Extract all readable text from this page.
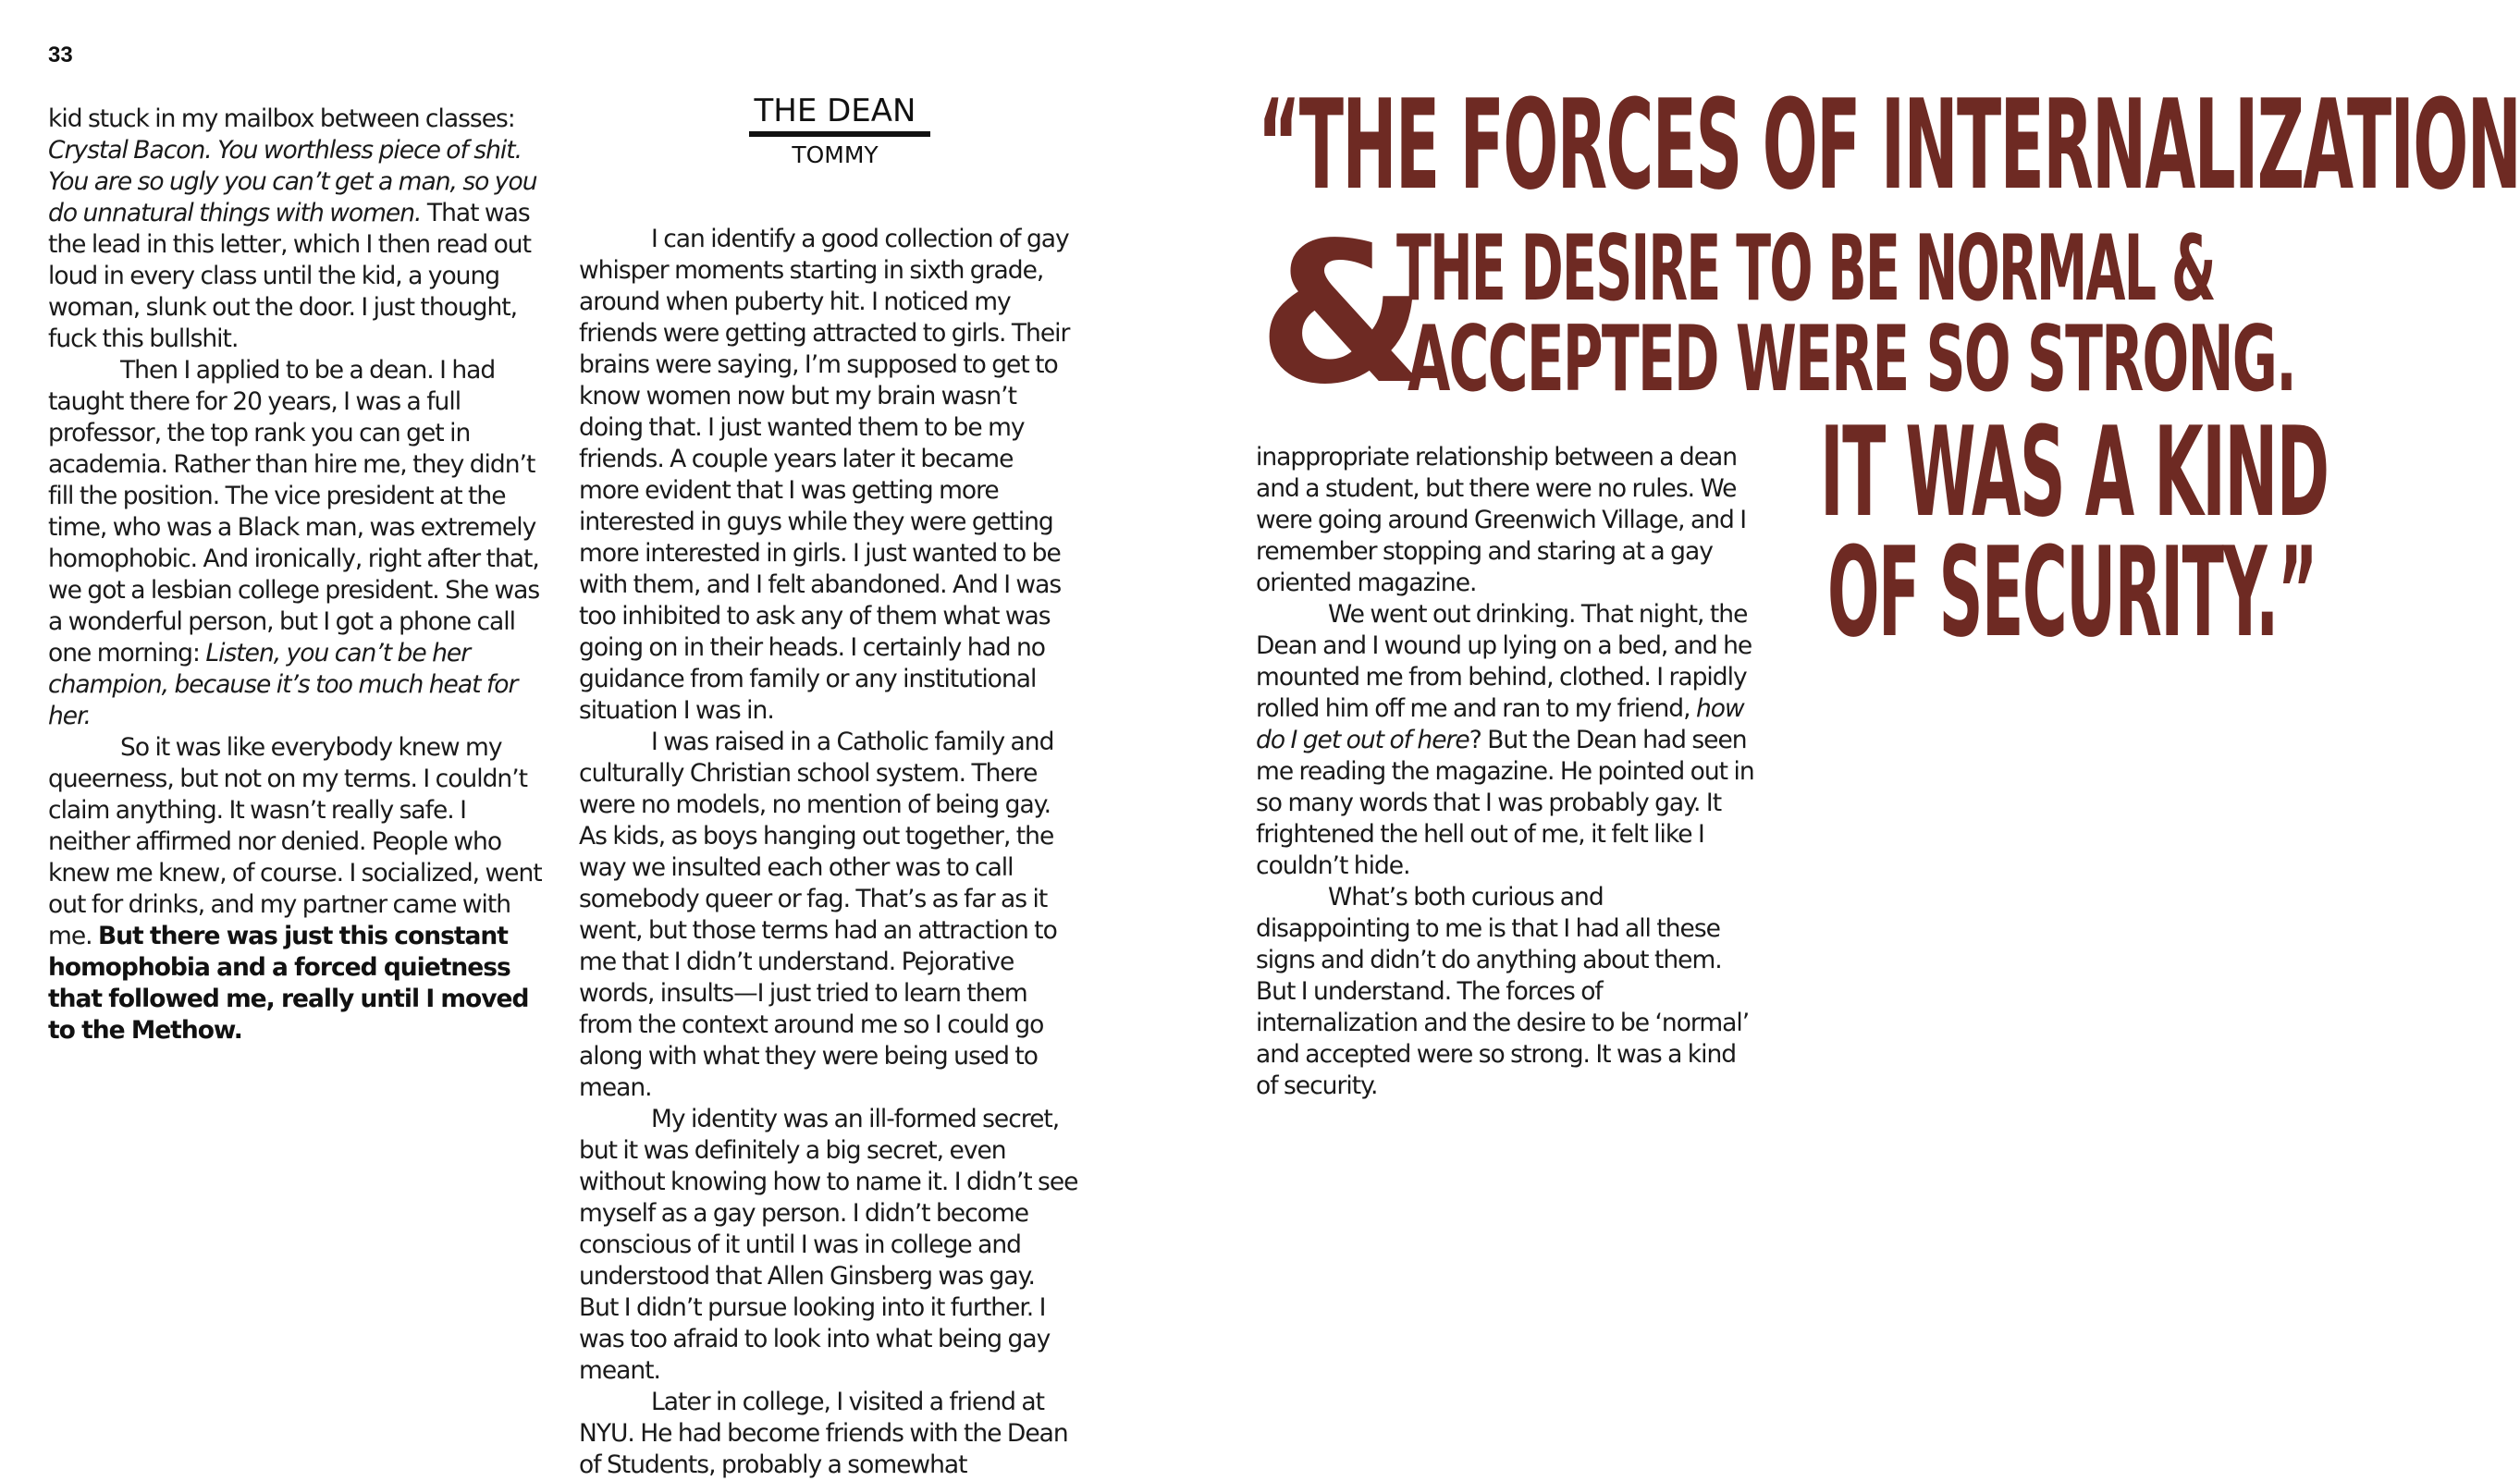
33
THE DEAN
TOMMY

kid stuck in my mailbox between classes: Crystal Bacon. You worthless piece of shit. You are so ugly you can’t get a man, so you do unnatural things with women. That was the lead in this letter, which I then read out loud in every class until the kid, a young woman, slunk out the door. I just thought, fuck this bullshit.

Then I applied to be a dean. I had taught there for 20 years, I was a full professor, the top rank you can get in academia. Rather than hire me, they didn’t fill the position. The vice president at the time, who was a Black man, was extremely homophobic. And ironically, right after that, we got a lesbian college president. She was a wonderful person, but I got a phone call one morning: Listen, you can’t be her champion, because it’s too much heat for her.

So it was like everybody knew my queerness, but not on my terms. I couldn’t claim anything. It wasn’t really safe. I neither affirmed nor denied. People who knew me knew, of course. I socialized, went out for drinks, and my partner came with me. But there was just this constant homophobia and a forced quietness that followed me, really until I moved to the Methow.

I can identify a good collection of gay whisper moments starting in sixth grade, around when puberty hit. I noticed my friends were getting attracted to girls. Their brains were saying, I’m supposed to get to know women now but my brain wasn’t doing that. I just wanted them to be my friends. A couple years later it became more evident that I was getting more interested in guys while they were getting more interested in girls. I just wanted to be with them, and I felt abandoned. And I was too inhibited to ask any of them what was going on in their heads. I certainly had no guidance from family or any institutional situation I was in.

I was raised in a Catholic family and culturally Christian school system. There were no models, no mention of being gay. As kids, as boys hanging out together, the way we insulted each other was to call somebody queer or fag. That’s as far as it went, but those terms had an attraction to me that I didn’t understand. Pejorative words, insults—I just tried to learn them from the context around me so I could go along with what they were being used to mean.

My identity was an ill-formed secret, but it was definitely a big secret, even without knowing how to name it. I didn’t see myself as a gay person. I didn’t become conscious of it until I was in college and understood that Allen Ginsberg was gay. But I didn’t pursue looking into it further. I was too afraid to look into what being gay meant.

Later in college, I visited a friend at NYU. He had become friends with the Dean of Students, probably a somewhat

inappropriate relationship between a dean and a student, but there were no rules. We were going around Greenwich Village, and I remember stopping and staring at a gay oriented magazine.

We went out drinking. That night, the Dean and I wound up lying on a bed, and he mounted me from behind, clothed. I rapidly rolled him off me and ran to my friend, how do I get out of here? But the Dean had seen me reading the magazine. He pointed out in so many words that I was probably gay. It frightened the hell out of me, it felt like I couldn’t hide.

What’s both curious and disappointing to me is that I had all these signs and didn’t do anything about them. But I understand. The forces of internalization and the desire to be ‘normal’ and accepted were so strong. It was a kind of security.

“THE FORCES OF INTERNALIZATION
&
THE DESIRE TO BE NORMAL &
ACCEPTED WERE SO STRONG.
IT WAS A KIND
OF SECURITY.”
